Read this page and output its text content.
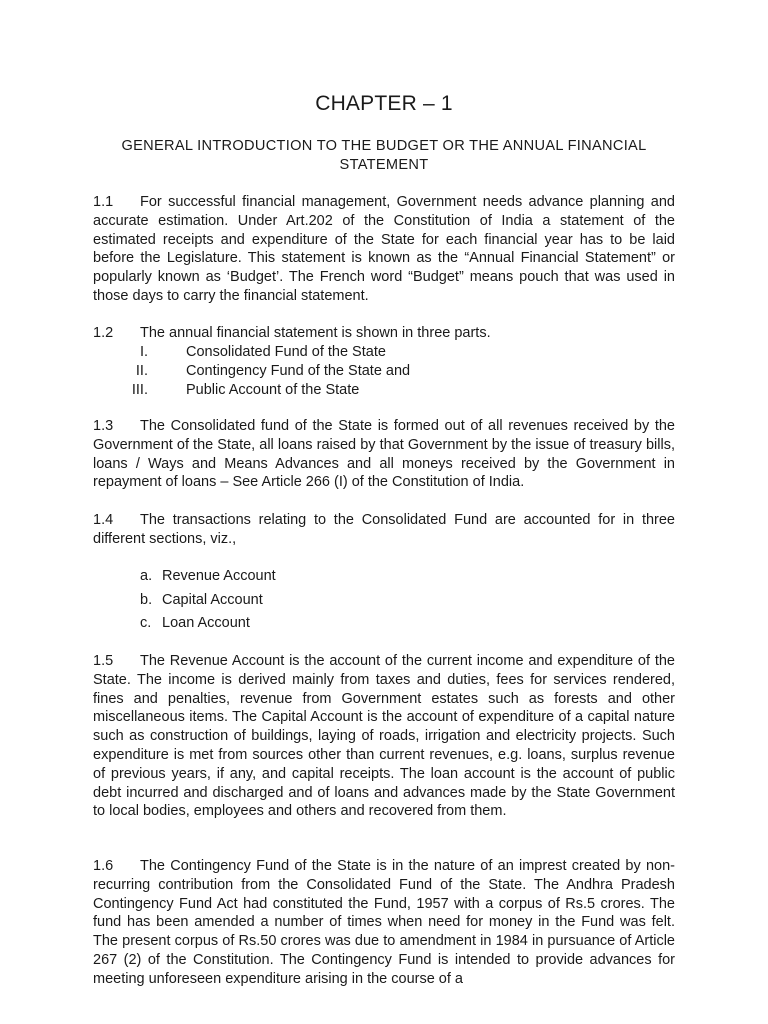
CHAPTER – 1
GENERAL INTRODUCTION TO THE BUDGET OR THE ANNUAL FINANCIAL
STATEMENT
1.1 For successful financial management, Government needs advance planning and accurate estimation. Under Art.202 of the Constitution of India a statement of the estimated receipts and expenditure of the State for each financial year has to be laid before the Legislature. This statement is known as the “Annual Financial Statement” or popularly known as ‘Budget’. The French word “Budget” means pouch that was used in those days to carry the financial statement.
1.2 The annual financial statement is shown in three parts.
I.	Consolidated Fund of the State
II.	Contingency Fund of the State and
III.	Public Account of the State
1.3 The Consolidated fund of the State is formed out of all revenues received by the Government of the State, all loans raised by that Government by the issue of treasury bills, loans / Ways and Means Advances and all moneys received by the Government in repayment of loans – See Article 266 (I) of the Constitution of India.
1.4 The transactions relating to the Consolidated Fund are accounted for in three different sections, viz.,
a. Revenue Account
b. Capital Account
c. Loan Account
1.5 The Revenue Account is the account of the current income and expenditure of the State. The income is derived mainly from taxes and duties, fees for services rendered, fines and penalties, revenue from Government estates such as forests and other miscellaneous items. The Capital Account is the account of expenditure of a capital nature such as construction of buildings, laying of roads, irrigation and electricity projects. Such expenditure is met from sources other than current revenues, e.g. loans, surplus revenue of previous years, if any, and capital receipts. The loan account is the account of public debt incurred and discharged and of loans and advances made by the State Government to local bodies, employees and others and recovered from them.
1.6 The Contingency Fund of the State is in the nature of an imprest created by non-recurring contribution from the Consolidated Fund of the State. The Andhra Pradesh Contingency Fund Act had constituted the Fund, 1957 with a corpus of Rs.5 crores. The fund has been amended a number of times when need for money in the Fund was felt. The present corpus of Rs.50 crores was due to amendment in 1984 in pursuance of Article 267 (2) of the Constitution. The Contingency Fund is intended to provide advances for meeting unforeseen expenditure arising in the course of a
